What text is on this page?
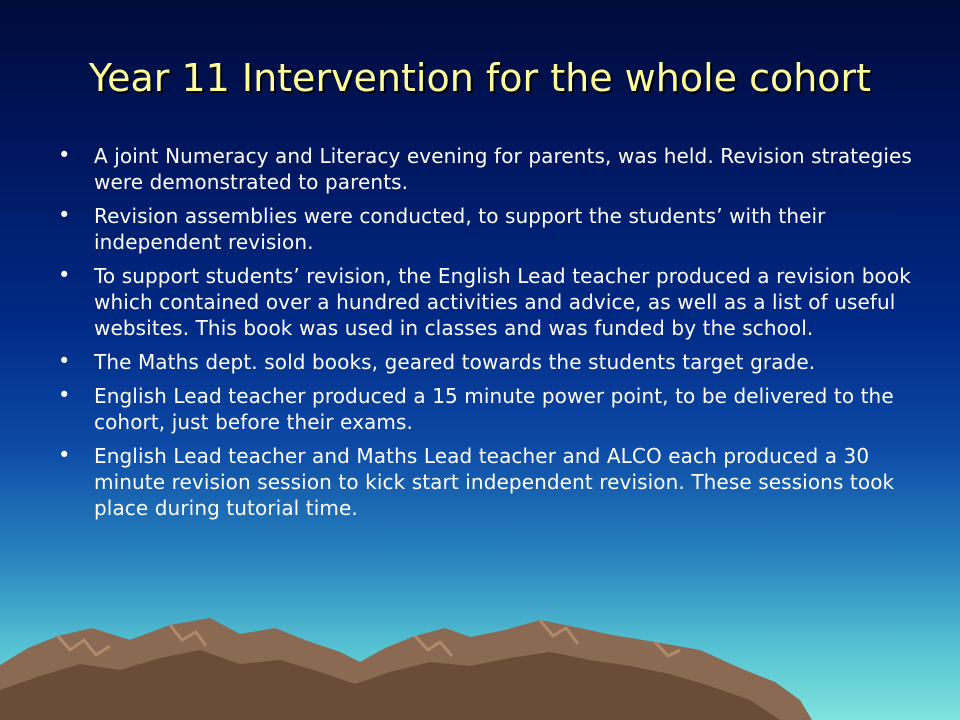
Year 11 Intervention for the whole cohort
•	A joint Numeracy and Literacy evening for parents, was held. Revision strategies were demonstrated to parents.
•	Revision assemblies were conducted, to support the students’ with their independent revision.
•	To support students’ revision, the English Lead teacher produced a revision book which contained over a hundred activities and advice, as well as a list of useful websites. This book was used in classes and was funded by the school.
•	The Maths dept. sold books, geared towards the students target grade.
•	English Lead teacher produced a 15 minute power point, to be delivered to the cohort, just before their exams.
•	English Lead teacher and Maths Lead teacher and ALCO each produced a 30 minute revision session to kick start independent revision. These sessions took place during tutorial time.
